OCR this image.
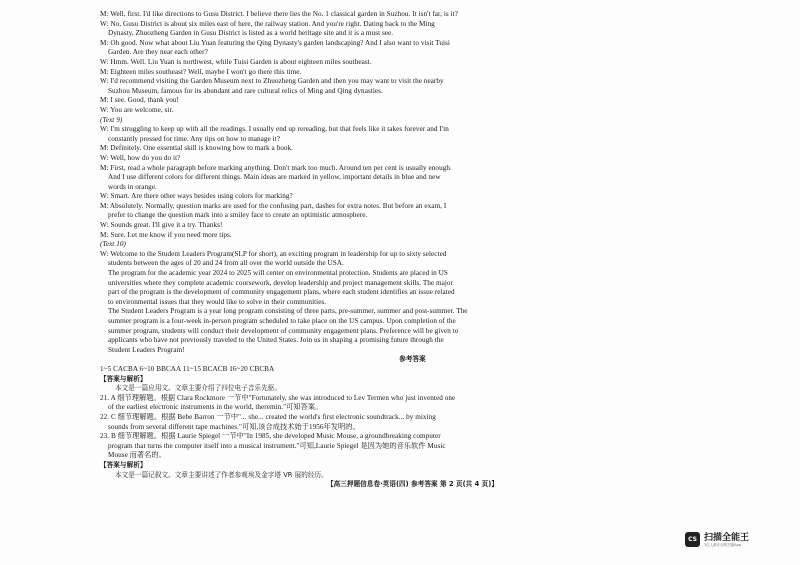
M: Well, first. I'd like directions to Gusu District. I believe there lies the No. 1 classical garden in Suzhou. It isn't far, is it?
W: No, Gusu District is about six miles east of here, the railway station. And you're right. Dating back to the Ming
Dynasty, Zhuozheng Garden in Gusu District is listed as a world heritage site and it is a must see.
M: Oh good. Now what about Liu Yuan featuring the Qing Dynasty's garden landscaping? And I also want to visit Tuisi
Garden. Are they near each other?
W: Hmm. Well. Liu Yuan is northwest, while Tuisi Garden is about eighteen miles southeast.
M: Eighteen miles southeast? Well, maybe I won't go there this time.
W: I'd recommend visiting the Garden Museum next to Zhuozheng Garden and then you may want to visit the nearby
Suzhou Museum, famous for its abundant and rare cultural relics of Ming and Qing dynasties.
M: I see. Good, thank you!
W: You are welcome, sir.
(Text 9)
W: I'm struggling to keep up with all the readings. I usually end up rereading, but that feels like it takes forever and I'm
constantly pressed for time. Any tips on how to manage it?
M: Definitely. One essential skill is knowing how to mark a book.
W: Well, how do you do it?
M: First, read a whole paragraph before marking anything. Don't mark too much. Around ten per cent is usually enough.
And I use different colors for different things. Main ideas are marked in yellow, important details in blue and new
words in orange.
W: Smart. Are there other ways besides using colors for marking?
M: Absolutely. Normally, question marks are used for the confusing part, dashes for extra notes. But before an exam, I
prefer to change the question mark into a smiley face to create an optimistic atmosphere.
W: Sounds great. I'll give it a try. Thanks!
M: Sure. Let me know if you need more tips.
(Text 10)
W: Welcome to the Student Leaders Program(SLP for short), an exciting program in leadership for up to sixty selected
students between the ages of 20 and 24 from all over the world outside the USA.
The program for the academic year 2024 to 2025 will center on environmental protection. Students are placed in US
universities where they complete academic coursework, develop leadership and project management skills. The major
part of the program is the development of community engagement plans, where each student identifies an issue related
to environmental issues that they would like to solve in their communities.
The Student Leaders Program is a year long program consisting of three parts, pre-summer, summer and post-summer. The
summer program is a four-week in-person program scheduled to take place on the US campus. Upon completion of the
summer program, students will conduct their development of community engagement plans. Preference will be given to
applicants who have not previously traveled to the United States. Join us in shaping a promising future through the
Student Leaders Program!
参考答案
1~5 CACBA 6~10 BBCAA 11~15 BCACB 16~20 CBCBA
【答案与解析】
本文是一篇应用文。文章主要介绍了四位电子音乐先驱。
21. A 细节理解题。根据 Clara Rockmore 一节中"Fortunately, she was introduced to Lev Termen who just invented one
of the earliest electronic instruments in the world, theremin."可知答案。
22. C 细节理解题。根据 Bebe Barron 一节中"... she... created the world's first electronic soundtrack... by mixing
sounds from several different tape machines."可知,该合成技术始于1956年发明的。
23. B 细节理解题。根据 Laurie Spiegel 一节中"In 1985, she developed Music Mouse, a groundbreaking computer
program that turns the computer itself into a musical instrument."可知,Laurie Spiegel 是因为她的音乐软件 Music
Mouse 而著名的。
【答案与解析】
本文是一篇记叙文。文章主要讲述了作者参观埃及金字塔 VR 展的经历。
【高三押题信息卷·英语(四) 参考答案 第 2 页(共 4 页)】
CS 扫描全能王
3亿人都在用的扫描App
